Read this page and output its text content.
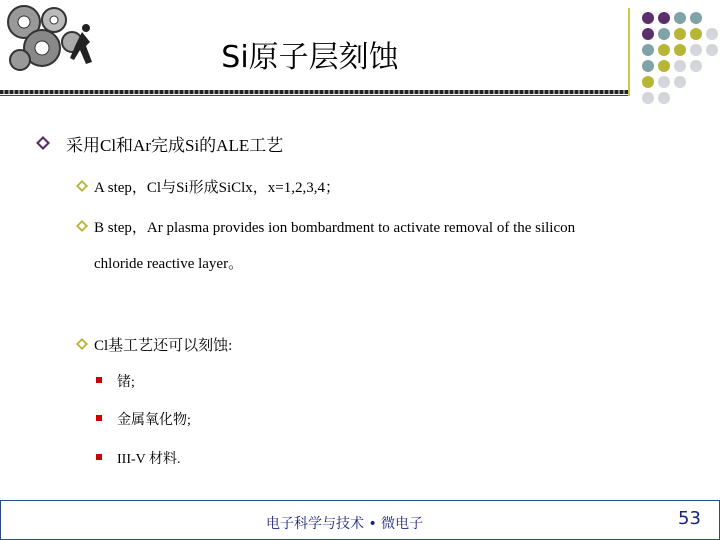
Si原子层刻蚀
采用Cl和Ar完成Si的ALE工艺
A step，Cl与Si形成SiClx，x=1,2,3,4；
B step，Ar plasma provides ion bombardment to activate removal of the silicon
chloride reactive layer。
Cl基工艺还可以刻蚀:
锗;
金属氧化物;
III-V 材料.
电子科学与技术 • 微电子	53
